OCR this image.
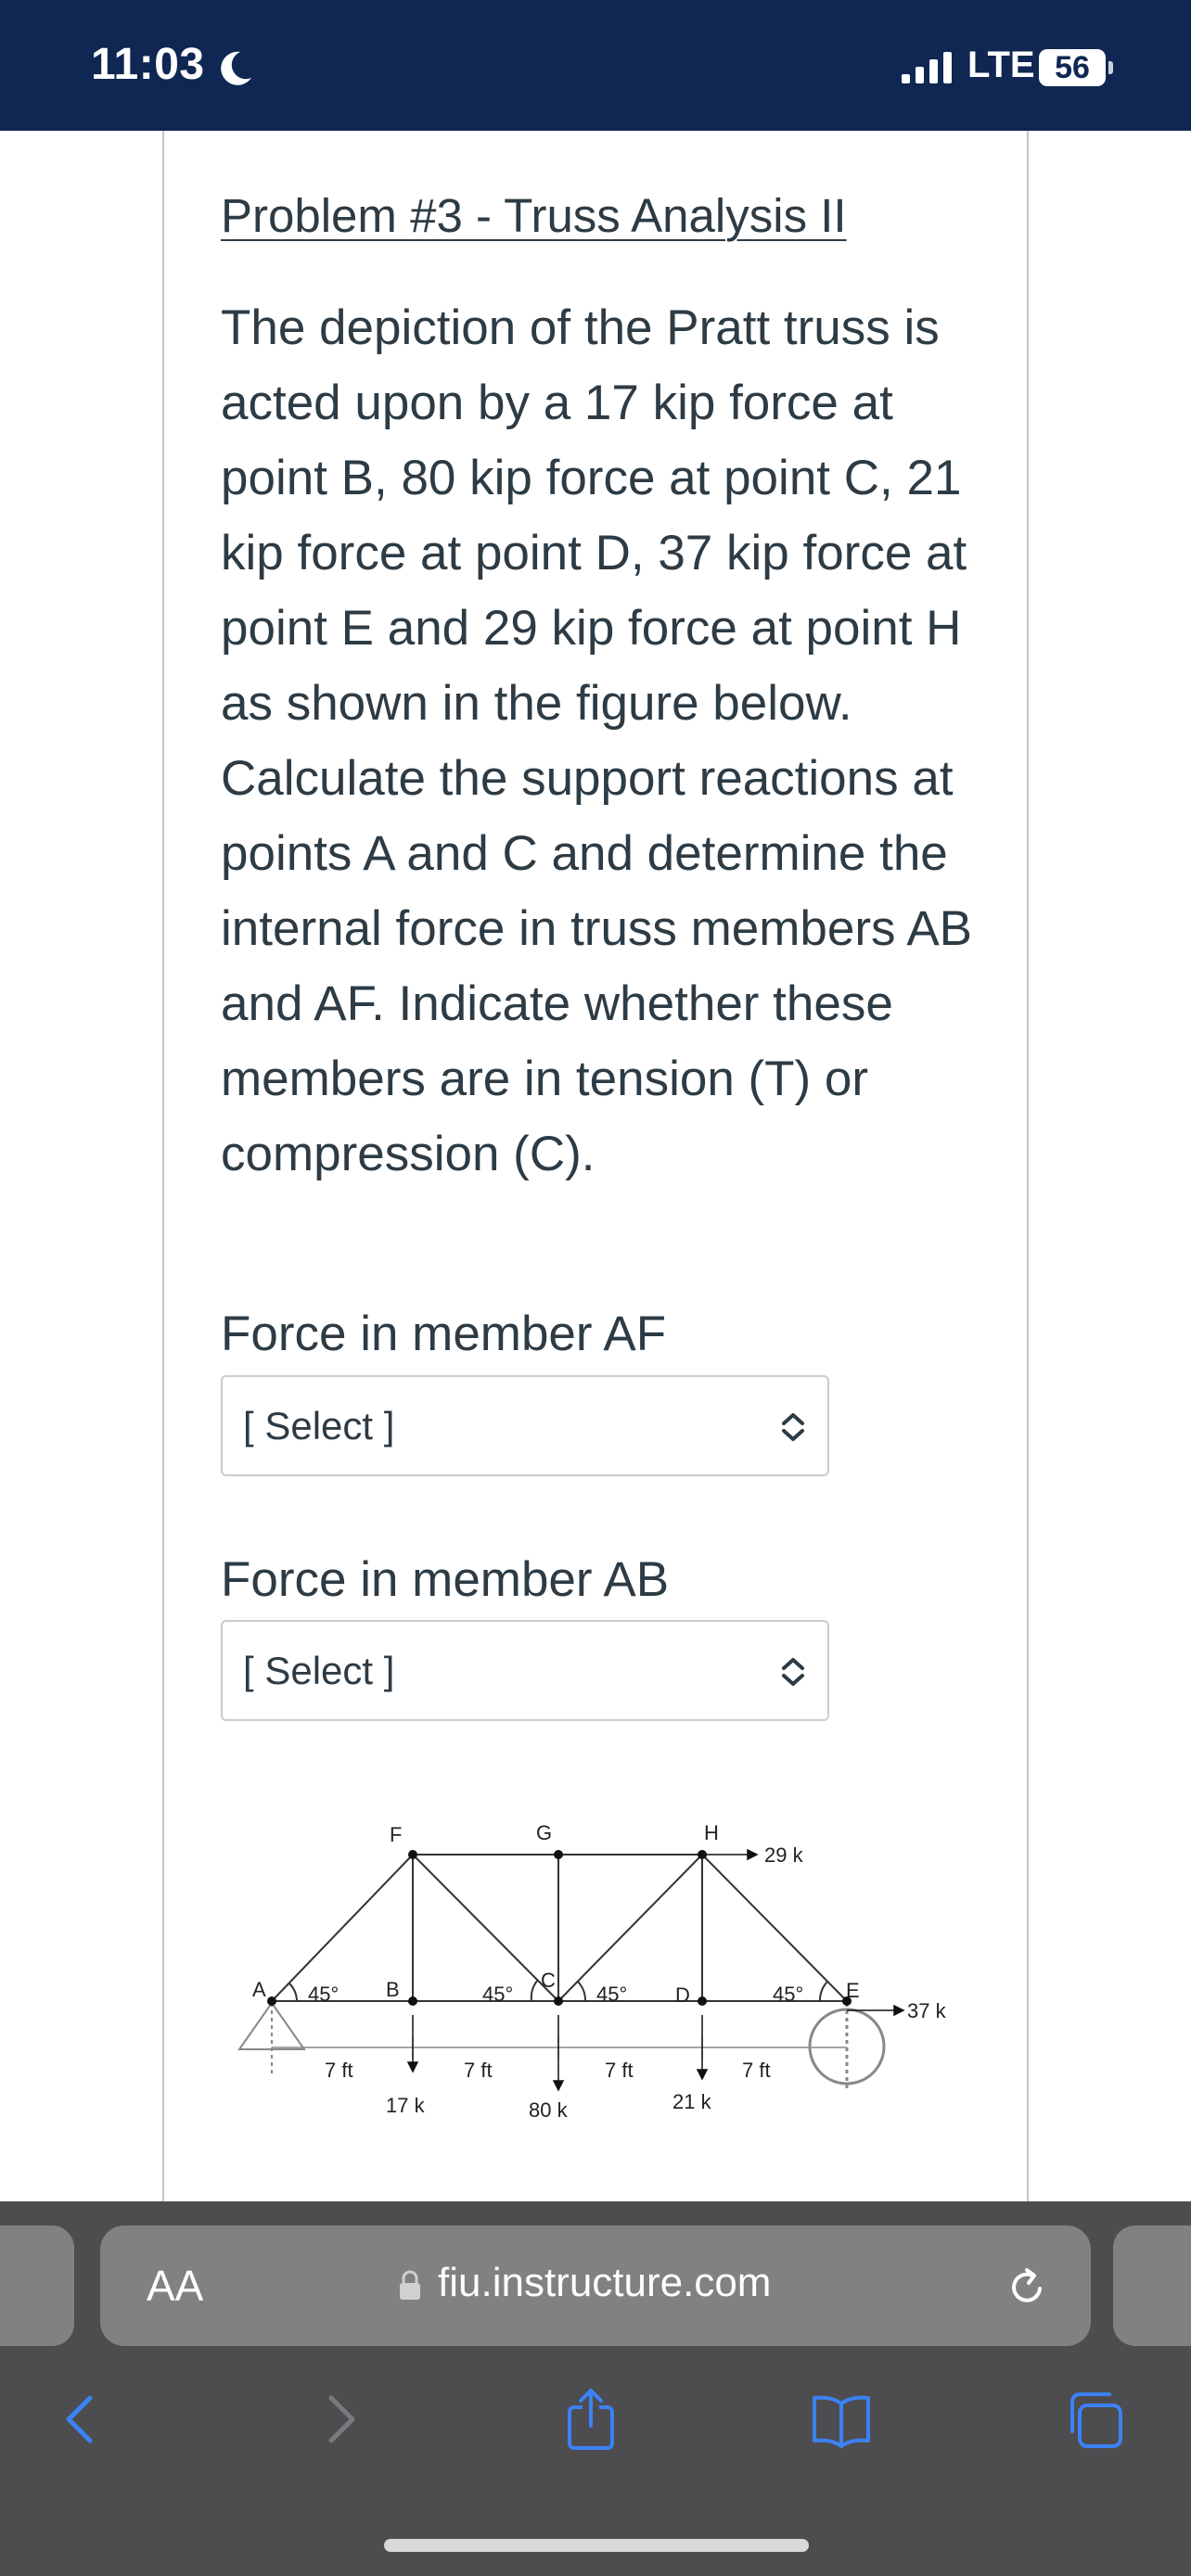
11:03	LTE 56
Problem #3 - Truss Analysis II
The depiction of the Pratt truss is acted upon by a 17 kip force at point B, 80 kip force at point C, 21 kip force at point D, 37 kip force at point E and 29 kip force at point H as shown in the figure below. Calculate the support reactions at points A and C and determine the internal force in truss members AB and AF. Indicate whether these members are in tension (T) or compression (C).
Force in member AF
[ Select ]
Force in member AB
[ Select ]
A	B	C
D	E
F	G	H
45°	45°	45°	45°
7 ft	7 ft	7 ft	7 ft
17 k	80 k	21 k
37 k
29 k
AA	fiu.instructure.com
